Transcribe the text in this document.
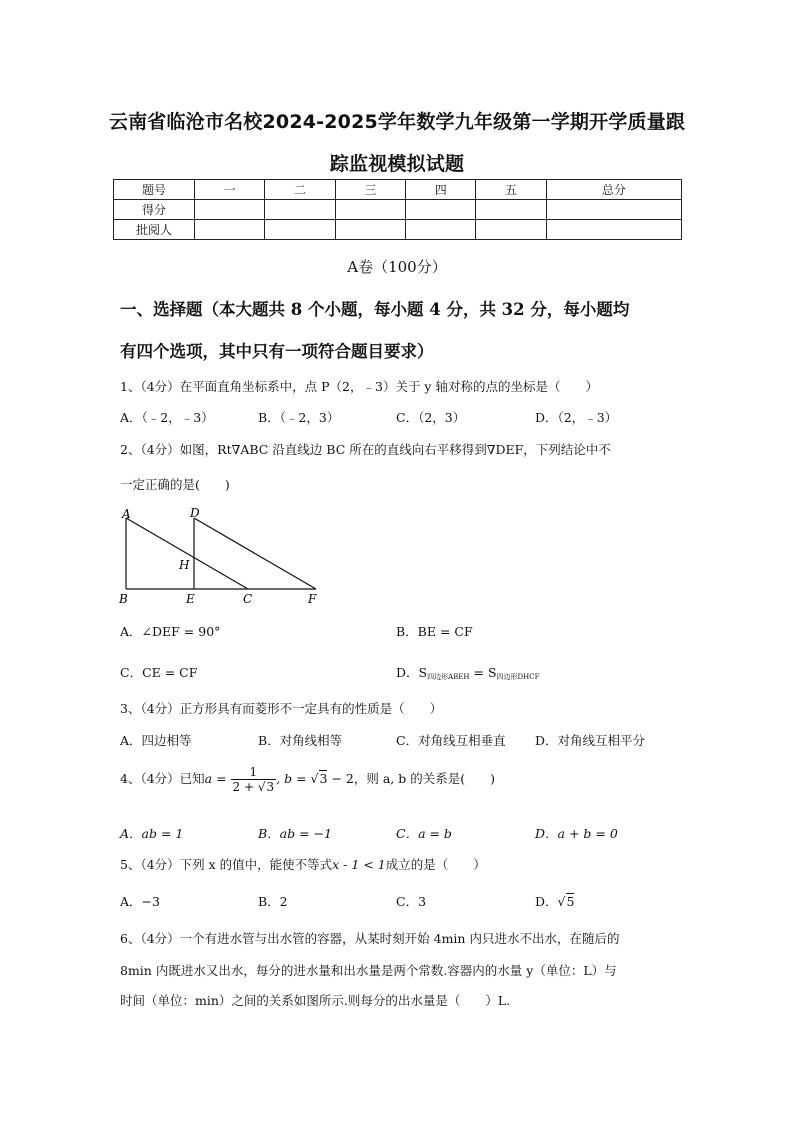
云南省临沧市名校2024-2025学年数学九年级第一学期开学质量跟
踪监视模拟试题
题号	一	二	三	四	五	总分
得分						
批阅人						
A卷（100分）
一、选择题（本大题共 8 个小题，每小题 4 分，共 32 分，每小题均
有四个选项，其中只有一项符合题目要求）
1、（4分）在平面直角坐标系中，点 P（2，﹣3）关于 y 轴对称的点的坐标是（　　）
A．（﹣2，﹣3）	B．（﹣2，3）	C．（2，3）	D．（2，﹣3）
2、（4分）如图，Rt∇ABC 沿直线边 BC 所在的直线向右平移得到∇DEF，下列结论中不
一定正确的是(　　)
A	D
H
B	E	C	F
A．∠DEF = 90°	B．BE = CF
C．CE = CF	D．$S_{四边形ABEH} = S_{四边形DHCF}$
3、（4分）正方形具有而菱形不一定具有的性质是（　　）
A．四边相等	B．对角线相等	C．对角线互相垂直 D．对角线互相平分
4、（4分）已知$a = \frac{1}{2 + √3}$ , b = √3 − 2，则 a, b 的关系是(　　)
A．ab = 1	B．ab = −1	C．a = b	D．a + b = 0
5、（4分）下列 x 的值中，能使不等式x - 1 < 1成立的是（　　）
A．−3	B．2	C．3	D．√5
6、（4分）一个有进水管与出水管的容器，从某时刻开始 4min 内只进水不出水，在随后的
8min 内既进水又出水，每分的进水量和出水量是两个常数.容器内的水量 y（单位：L）与
时间（单位：min）之间的关系如图所示.则每分的出水量是（　　）L.
